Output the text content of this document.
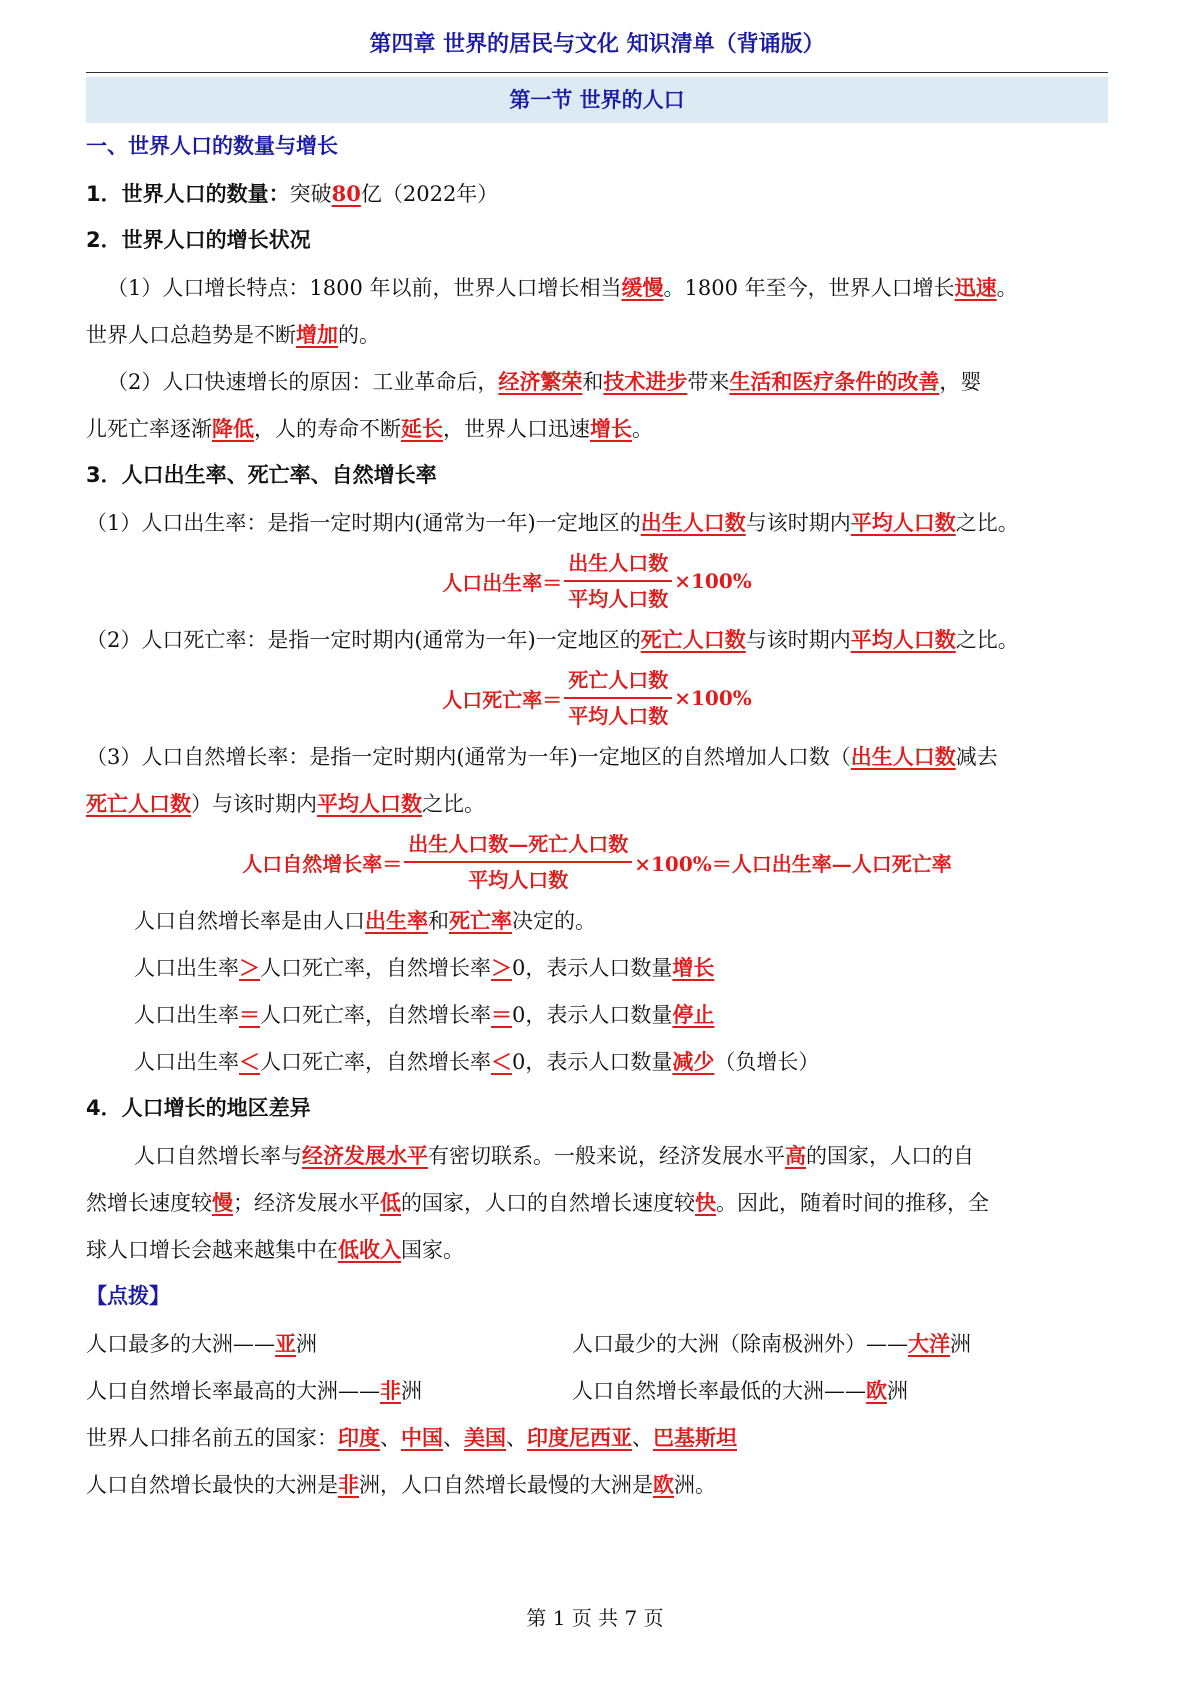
第四章 世界的居民与文化 知识清单（背诵版）
第一节 世界的人口
一、世界人口的数量与增长
1．世界人口的数量：突破80亿（2022年）
2．世界人口的增长状况
（1）人口增长特点：1800 年以前，世界人口增长相当缓慢。1800 年至今，世界人口增长迅速。
世界人口总趋势是不断增加的。
（2）人口快速增长的原因：工业革命后，经济繁荣和技术进步带来生活和医疗条件的改善，婴
儿死亡率逐渐降低，人的寿命不断延长，世界人口迅速增长。
3．人口出生率、死亡率、自然增长率
（1）人口出生率：是指一定时期内(通常为一年)一定地区的出生人口数与该时期内平均人口数之比。
人口出生率＝ $\frac{\text{出生人口数}}{\text{平均人口数}} \times 100\%$
（2）人口死亡率：是指一定时期内(通常为一年)一定地区的死亡人口数与该时期内平均人口数之比。
人口死亡率＝ $\frac{\text{死亡人口数}}{\text{平均人口数}} \times 100\%$
（3）人口自然增长率：是指一定时期内(通常为一年)一定地区的自然增加人口数（出生人口数减去
死亡人口数）与该时期内平均人口数之比。
人口自然增长率＝ $\frac{\text{出生人口数—死亡人口数}}{\text{平均人口数}} \times 100\%=$人口出生率—人口死亡率
人口自然增长率是由人口出生率和死亡率决定的。
人口出生率＞人口死亡率，自然增长率＞0，表示人口数量增长
人口出生率＝人口死亡率，自然增长率＝0，表示人口数量停止
人口出生率＜人口死亡率，自然增长率＜0，表示人口数量减少（负增长）
4．人口增长的地区差异
人口自然增长率与经济发展水平有密切联系。一般来说，经济发展水平高的国家，人口的自
然增长速度较慢；经济发展水平低的国家，人口的自然增长速度较快。因此，随着时间的推移，全
球人口增长会越来越集中在低收入国家。
【点拨】
人口最多的大洲——亚洲	人口最少的大洲（除南极洲外）——大洋洲
人口自然增长率最高的大洲——非洲	人口自然增长率最低的大洲——欧洲
世界人口排名前五的国家：印度、中国、美国、印度尼西亚、巴基斯坦
人口自然增长最快的大洲是非洲，人口自然增长最慢的大洲是欧洲。
第 1 页 共 7 页
